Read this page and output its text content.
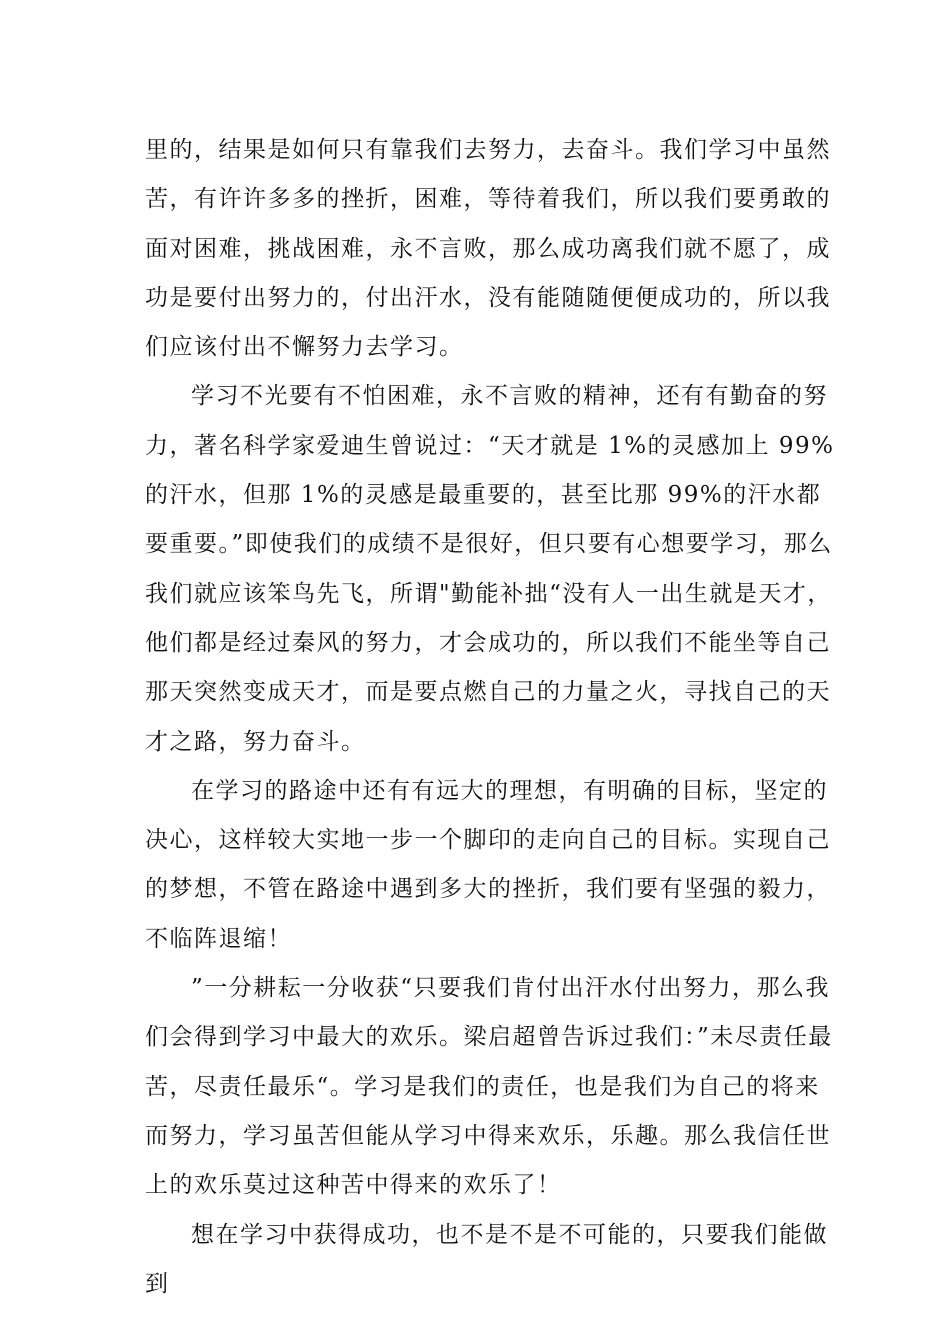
里的，结果是如何只有靠我们去努力，去奋斗。我们学习中虽然苦，有许许多多的挫折，困难，等待着我们，所以我们要勇敢的面对困难，挑战困难，永不言败，那么成功离我们就不愿了，成功是要付出努力的，付出汗水，没有能随随便便成功的，所以我们应该付出不懈努力去学习。

学习不光要有不怕困难，永不言败的精神，还有有勤奋的努力，著名科学家爱迪生曾说过：“天才就是 1%的灵感加上 99%的汗水，但那 1%的灵感是最重要的，甚至比那 99%的汗水都要重要。”即使我们的成绩不是很好，但只要有心想要学习，那么我们就应该笨鸟先飞，所谓"勤能补拙“没有人一出生就是天才，他们都是经过秦风的努力，才会成功的，所以我们不能坐等自己那天突然变成天才，而是要点燃自己的力量之火，寻找自己的天才之路，努力奋斗。

在学习的路途中还有有远大的理想，有明确的目标，坚定的决心，这样较大实地一步一个脚印的走向自己的目标。实现自己的梦想，不管在路途中遇到多大的挫折，我们要有坚强的毅力，不临阵退缩！

”一分耕耘一分收获“只要我们肯付出汗水付出努力，那么我们会得到学习中最大的欢乐。梁启超曾告诉过我们：”未尽责任最苦，尽责任最乐“。学习是我们的责任，也是我们为自己的将来而努力，学习虽苦但能从学习中得来欢乐，乐趣。那么我信任世上的欢乐莫过这种苦中得来的欢乐了！

想在学习中获得成功，也不是不是不可能的，只要我们能做到
